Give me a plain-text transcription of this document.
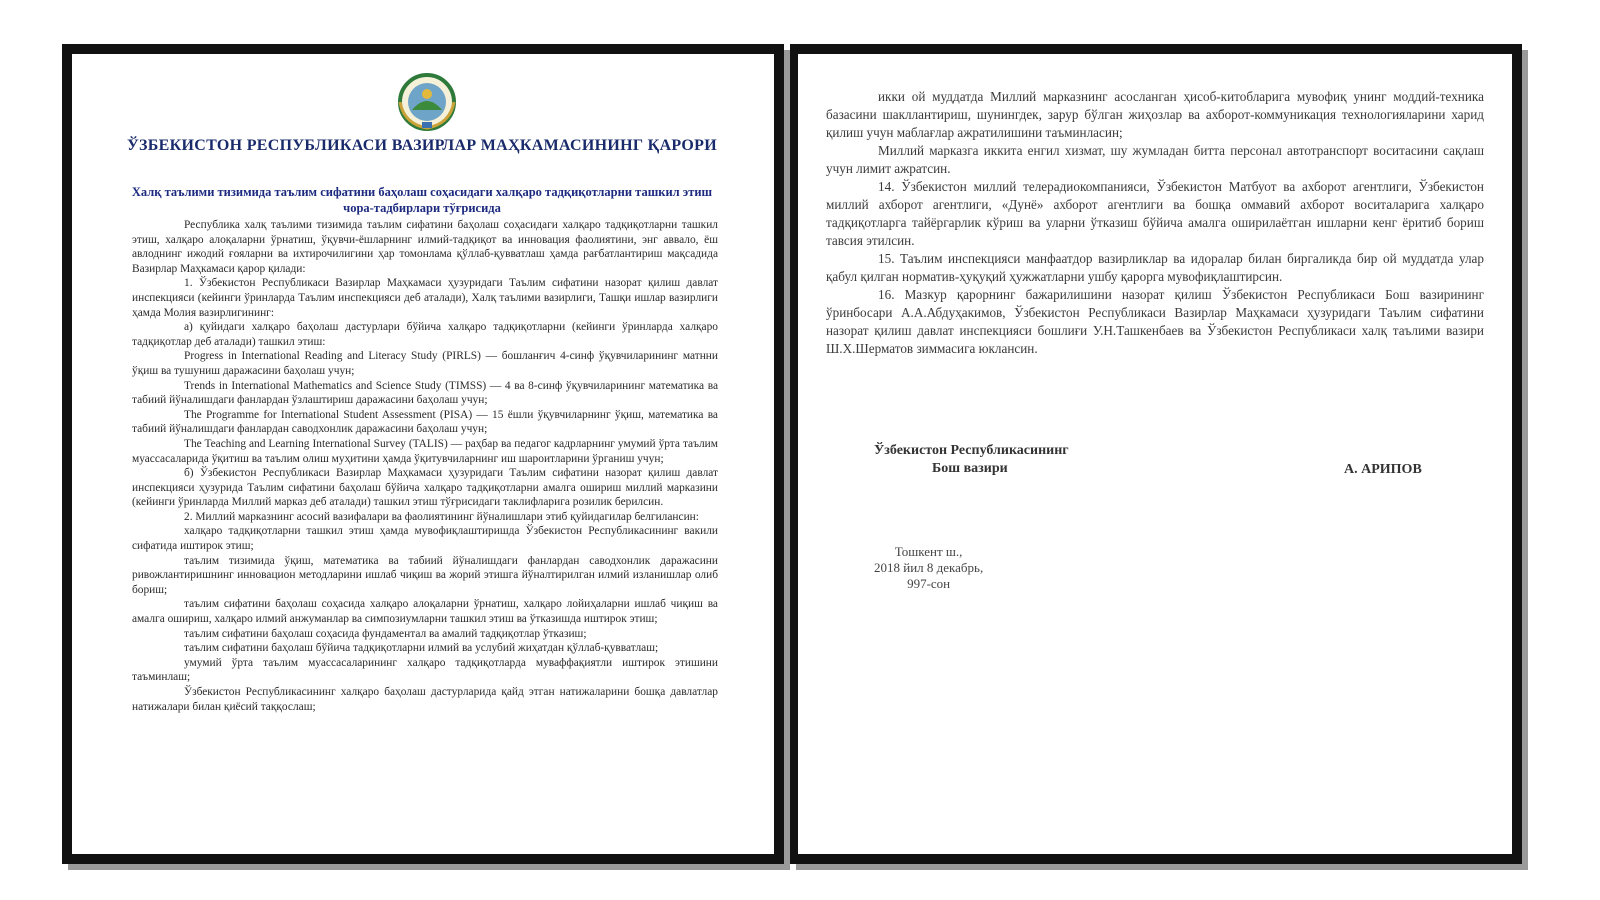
ЎЗБЕКИСТОН РЕСПУБЛИКАСИ ВАЗИРЛАР МАҲКАМАСИНИНГ ҚАРОРИ
Халқ таълими тизимида таълим сифатини баҳолаш соҳасидаги халқаро тадқиқотларни ташкил этиш чора-тадбирлари тўғрисида

Республика халқ таълими тизимида таълим сифатини баҳолаш соҳасидаги халқаро тадқиқотларни ташкил этиш, халқаро алоқаларни ўрнатиш, ўқувчи-ёшларнинг илмий-тадқиқот ва инновация фаолиятини, энг аввало, ёш авлоднинг ижодий ғояларни ва ихтирочилигини ҳар томонлама қўллаб-қувватлаш ҳамда рағбатлантириш мақсадида Вазирлар Маҳкамаси қарор қилади:

1. Ўзбекистон Республикаси Вазирлар Маҳкамаси ҳузуридаги Таълим сифатини назорат қилиш давлат инспекцияси (кейинги ўринларда Таълим инспекцияси деб аталади), Халқ таълими вазирлиги, Ташқи ишлар вазирлиги ҳамда Молия вазирлигининг:

а) қуйидаги халқаро баҳолаш дастурлари бўйича халқаро тадқиқотларни (кейинги ўринларда халқаро тадқиқотлар деб аталади) ташкил этиш:

Progress in International Reading and Literacy Study (PIRLS) — бошланғич 4-синф ўқувчиларининг матнни ўқиш ва тушуниш даражасини баҳолаш учун;

Trends in International Mathematics and Science Study (TIMSS) — 4 ва 8-синф ўқувчиларининг математика ва табиий йўналишдаги фанлардан ўзлаштириш даражасини баҳолаш учун;

The Programme for International Student Assessment (PISA) — 15 ёшли ўқувчиларнинг ўқиш, математика ва табиий йўналишдаги фанлардан саводхонлик даражасини баҳолаш учун;

The Teaching and Learning International Survey (TALIS) — раҳбар ва педагог кадрларнинг умумий ўрта таълим муассасаларида ўқитиш ва таълим олиш муҳитини ҳамда ўқитувчиларнинг иш шароитларини ўрганиш учун;

б) Ўзбекистон Республикаси Вазирлар Маҳкамаси ҳузуридаги Таълим сифатини назорат қилиш давлат инспекцияси ҳузурида Таълим сифатини баҳолаш бўйича халқаро тадқиқотларни амалга ошириш миллий марказини (кейинги ўринларда Миллий марказ деб аталади) ташкил этиш тўғрисидаги таклифларига розилик берилсин.

2. Миллий марказнинг асосий вазифалари ва фаолиятининг йўналишлари этиб қуйидагилар белгилансин:

халқаро тадқиқотларни ташкил этиш ҳамда мувофиқлаштиришда Ўзбекистон Республикасининг вакили сифатида иштирок этиш;

таълим тизимида ўқиш, математика ва табиий йўналишдаги фанлардан саводхонлик даражасини ривожлантиришнинг инновацион методларини ишлаб чиқиш ва жорий этишга йўналтирилган илмий изланишлар олиб бориш;

таълим сифатини баҳолаш соҳасида халқаро алоқаларни ўрнатиш, халқаро лойиҳаларни ишлаб чиқиш ва амалга ошириш, халқаро илмий анжуманлар ва симпозиумларни ташкил этиш ва ўтказишда иштирок этиш;

таълим сифатини баҳолаш соҳасида фундаментал ва амалий тадқиқотлар ўтказиш;

таълим сифатини баҳолаш бўйича тадқиқотларни илмий ва услубий жиҳатдан қўллаб-қувватлаш;

умумий ўрта таълим муассасаларининг халқаро тадқиқотларда муваффақиятли иштирок этишини таъминлаш;

Ўзбекистон Республикасининг халқаро баҳолаш дастурларида қайд этган натижаларини бошқа давлатлар натижалари билан қиёсий таққослаш;

икки ой муддатда Миллий марказнинг асосланган ҳисоб-китобларига мувофиқ унинг моддий-техника базасини шакллантириш, шунингдек, зарур бўлган жиҳозлар ва ахборот-коммуникация технологияларини харид қилиш учун маблағлар ажратилишини таъминласин;

Миллий марказга иккита енгил хизмат, шу жумладан битта персонал автотранспорт воситасини сақлаш учун лимит ажратсин.

14. Ўзбекистон миллий телерадиокомпанияси, Ўзбекистон Матбуот ва ахборот агентлиги, Ўзбекистон миллий ахборот агентлиги, «Дунё» ахборот агентлиги ва бошқа оммавий ахборот воситаларига халқаро тадқиқотларга тайёргарлик кўриш ва уларни ўтказиш бўйича амалга оширилаётган ишларни кенг ёритиб бориш тавсия этилсин.

15. Таълим инспекцияси манфаатдор вазирликлар ва идоралар билан биргаликда бир ой муддатда улар қабул қилган норматив-ҳуқуқий ҳужжатларни ушбу қарорга мувофиқлаштирсин.

16. Мазкур қарорнинг бажарилишини назорат қилиш Ўзбекистон Республикаси Бош вазирининг ўринбосари А.А.Абдуҳакимов, Ўзбекистон Республикаси Вазирлар Маҳкамаси ҳузуридаги Таълим сифатини назорат қилиш давлат инспекцияси бошлиғи У.Н.Ташкенбаев ва Ўзбекистон Республикаси халқ таълими вазири Ш.Х.Шерматов зиммасига юклансин.

Ўзбекистон Республикасининг
Бош вазири	А. АРИПОВ
Тошкент ш.,
2018 йил 8 декабрь,
997-сон
